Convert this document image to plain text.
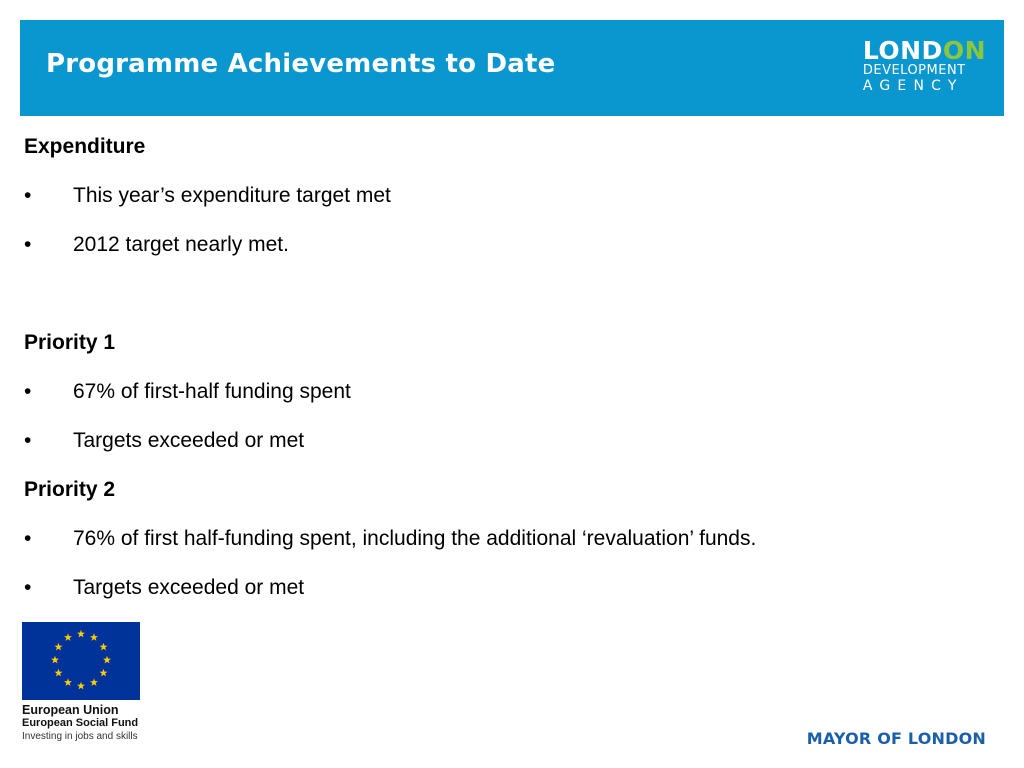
Programme Achievements to Date	LONDON
DEVELOPMENT
AGENCY

Expenditure

• This year’s expenditure target met

• 2012 target nearly met.

Priority 1

• 67% of first-half funding spent

• Targets exceeded or met

Priority 2

• 76% of first half-funding spent, including the additional ‘revaluation’ funds.

• Targets exceeded or met

European Union
European Social Fund
Investing in jobs and skills	MAYOR OF LONDON
